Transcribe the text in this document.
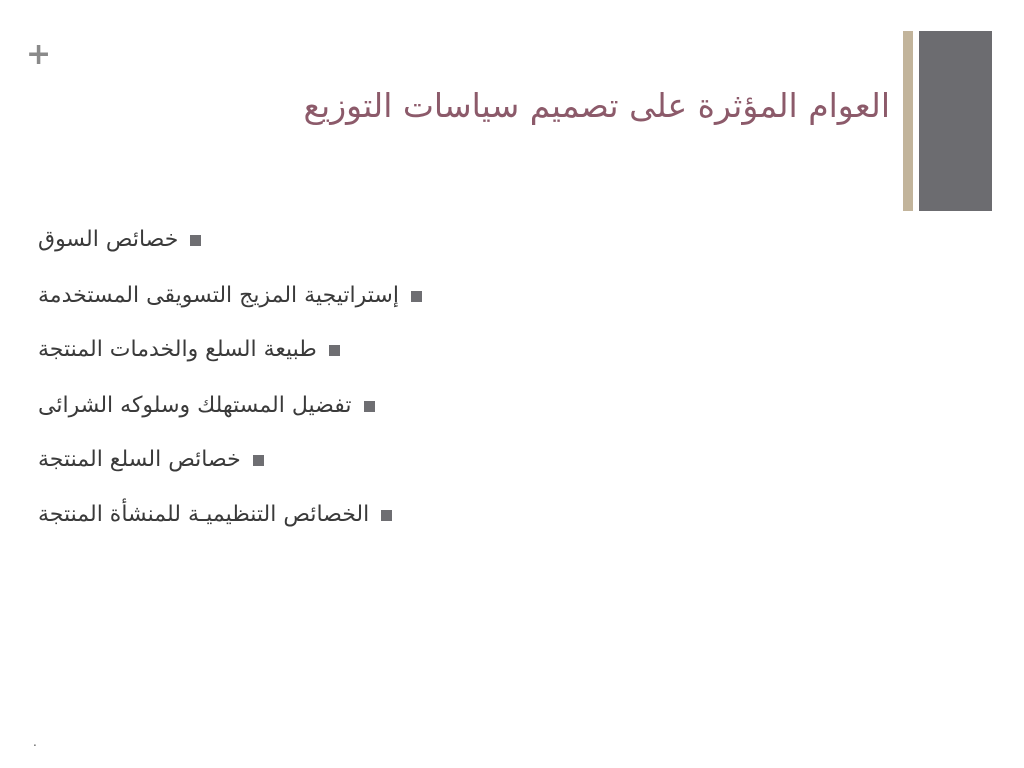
+
العوام المؤثرة على تصميم سياسات التوزيع
خصائص السوق
إستراتيجية المزيج التسويقى المستخدمة
طبيعة السلع والخدمات المنتجة
تفضيل المستهلك وسلوكه الشرائى
خصائص السلع المنتجة
الخصائص التنظيميـة للمنشأة المنتجة
.
